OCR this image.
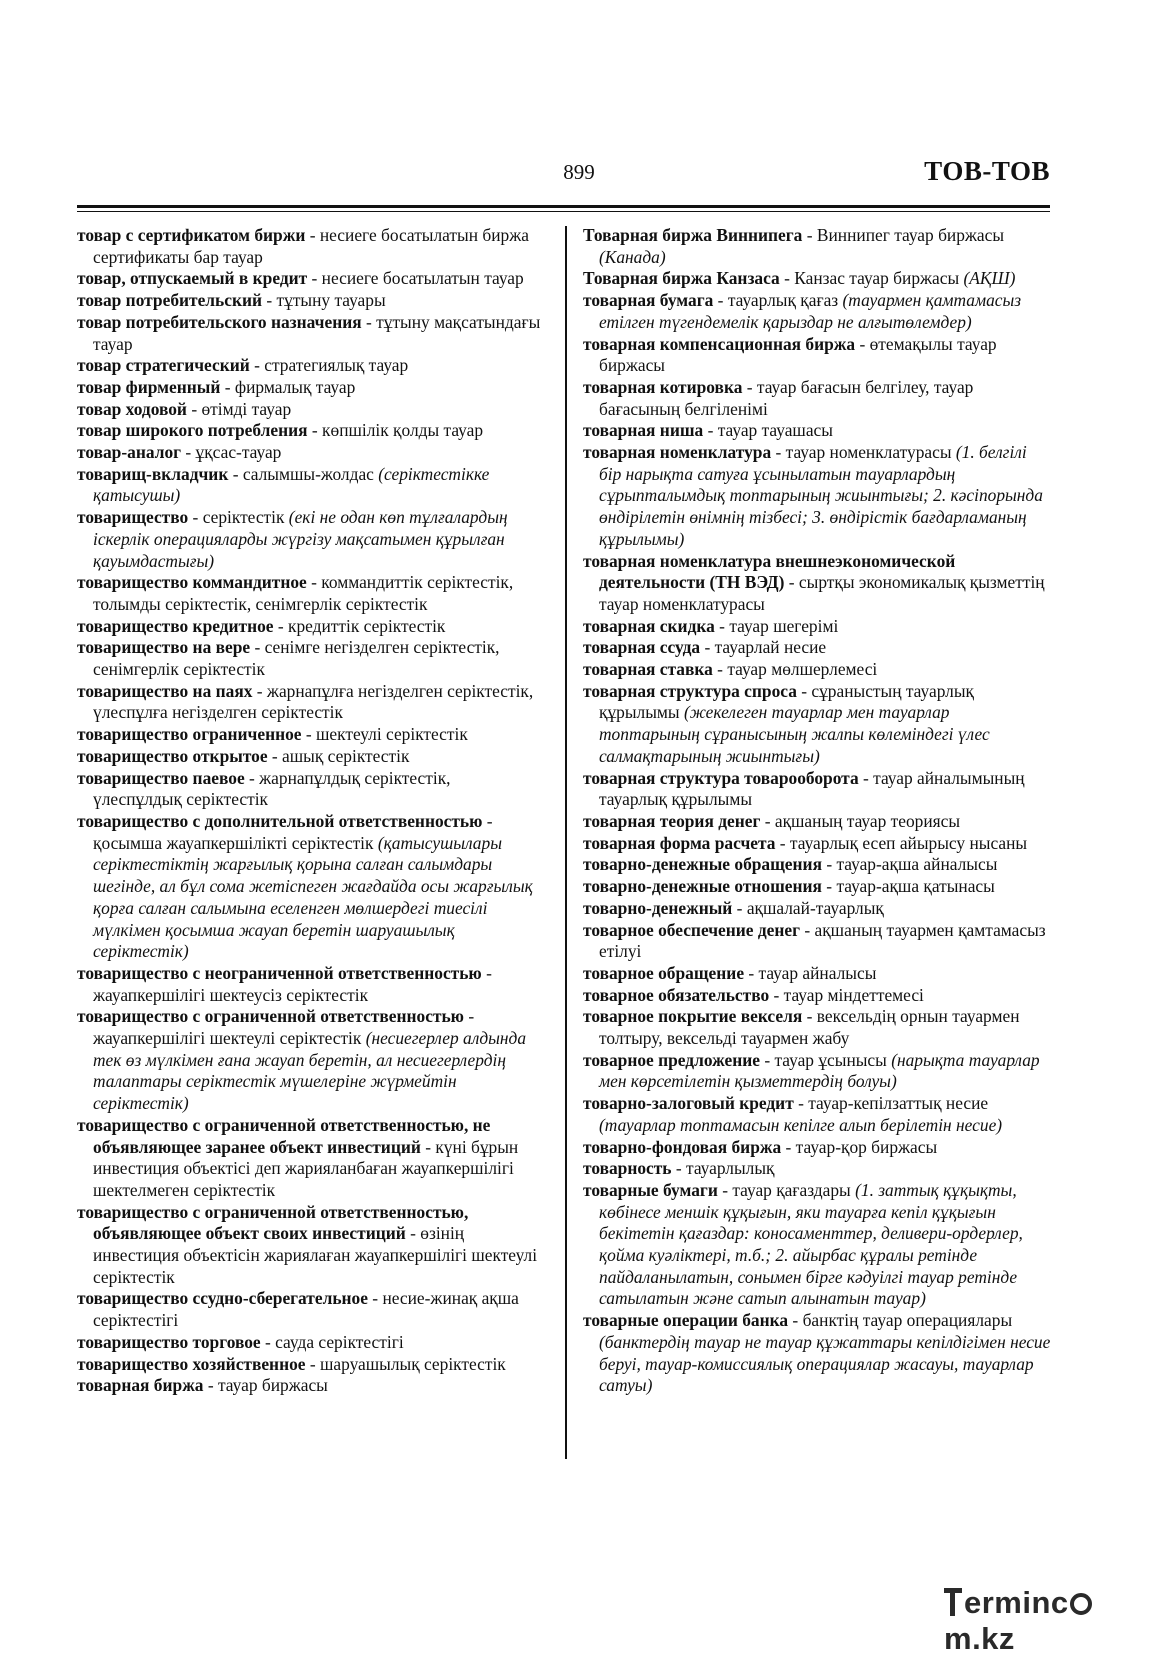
899	ТОВ-ТОВ

товар с сертификатом биржи - несиеге босатылатын биржа сертификаты бар тауар

товар, отпускаемый в кредит - несиеге босатылатын тауар

товар потребительский - тұтыну тауары

товар потребительского назначения - тұтыну мақсатындағы тауар

товар стратегический - стратегиялық тауар

товар фирменный - фирмалық тауар

товар ходовой - өтімді тауар

товар широкого потребления - көпшілік қолды тауар

товар-аналог - ұқсас-тауар

товарищ-вкладчик - салымшы-жолдас (серіктестікке қатысушы)

товарищество - серіктестік (екі не одан көп тұлғалардың іскерлік операцияларды жүргізу мақсатымен құрылған қауымдастығы)

товарищество коммандитное - коммандиттік серіктестік, толымды серіктестік, сенімгерлік серіктестік

товарищество кредитное - кредиттік серіктестік

товарищество на вере - сенімге негізделген серіктестік, сенімгерлік серіктестік

товарищество на паях - жарнапұлға негізделген серіктестік, үлеспұлға негізделген серіктестік

товарищество ограниченное - шектеулі серіктестік

товарищество открытое - ашық серіктестік

товарищество паевое - жарнапұлдық серіктестік, үлеспұлдық серіктестік

товарищество с дополнительной ответственностью - қосымша жауапкершілікті серіктестік (қатысушылары серіктестіктің жарғылық қорына салған салымдары шегінде, ал бұл сома жетіспеген жағдайда осы жарғылық қорға салған салымына еселенген мөлшердегі тиесілі мүлкімен қосымша жауап беретін шаруашылық серіктестік)

товарищество с неограниченной ответственностью - жауапкершілігі шектеусіз серіктестік

товарищество с ограниченной ответственностью - жауапкершілігі шектеулі серіктестік (несиегерлер алдында тек өз мүлкімен ғана жауап беретін, ал несиегерлердің талаптары серіктестік мүшелеріне жүрмейтін серіктестік)

товарищество с ограниченной ответственностью, не объявляющее заранее объект инвестиций - күні бұрын инвестиция объектісі деп жарияланбаған жауапкершілігі шектелмеген серіктестік

товарищество с ограниченной ответственностью, объявляющее объект своих инвестиций - өзінің инвестиция объектісін жариялаған жауапкершілігі шектеулі серіктестік

товарищество ссудно-сберегательное - несие-жинақ ақша серіктестігі

товарищество торговое - сауда серіктестігі

товарищество хозяйственное - шаруашылық серіктестік

товарная биржа - тауар биржасы

Товарная биржа Виннипега - Виннипег тауар биржасы (Канада)

Товарная биржа Канзаса - Канзас тауар биржасы (АҚШ)

товарная бумага - тауарлық қағаз (тауармен қамтамасыз етілген түгендемелік қарыздар не алғытөлемдер)

товарная компенсационная биржа - өтемақылы тауар биржасы

товарная котировка - тауар бағасын белгілеу, тауар бағасының белгіленімі

товарная ниша - тауар тауашасы

товарная номенклатура - тауар номенклатурасы (1. белгілі бір нарықта сатуға ұсынылатын тауарлардың сұрыпталымдық топтарының жиынтығы; 2. кәсіпорында өндірілетін өнімнің тізбесі; 3. өндірістік бағдарламаның құрылымы)

товарная номенклатура внешнеэкономической деятельности (ТН ВЭД) - сыртқы экономикалық қызметтің тауар номенклатурасы

товарная скидка - тауар шегерімі

товарная ссуда - тауарлай несие

товарная ставка - тауар мөлшерлемесі

товарная структура спроса - сұраныстың тауарлық құрылымы (жекелеген тауарлар мен тауарлар топтарының сұранысының жалпы көлеміндегі үлес салмақтарының жиынтығы)

товарная структура товарооборота - тауар айналымының тауарлық құрылымы

товарная теория денег - ақшаның тауар теориясы

товарная форма расчета - тауарлық есеп айырысу нысаны

товарно-денежные обращения - тауар-ақша айналысы

товарно-денежные отношения - тауар-ақша қатынасы

товарно-денежный - ақшалай-тауарлық

товарное обеспечение денег - ақшаның тауармен қамтамасыз етілуі

товарное обращение - тауар айналысы

товарное обязательство - тауар міндеттемесі

товарное покрытие векселя - вексельдің орнын тауармен толтыру, вексельді тауармен жабу

товарное предложение - тауар ұсынысы (нарықта тауарлар мен көрсетілетін қызметтердің болуы)

товарно-залоговый кредит - тауар-кепілзаттық несие (тауарлар топтамасын кепілге алып берілетін несие)

товарно-фондовая биржа - тауар-қор биржасы

товарность - тауарлылық

товарные бумаги - тауар қағаздары (1. заттық құқықты, көбінесе меншік құқығын, яки тауарға кепіл құқығын бекітетін қағаздар: коносаменттер, деливери-ордерлер, қойма куәліктері, т.б.; 2. айырбас құралы ретінде пайдаланылатын, сонымен бірге кәдуілгі тауар ретінде сатылатын және сатып алынатын тауар)

товарные операции банка - банктің тауар операциялары (банктердің тауар не тауар құжаттары кепілдігімен несие беруі, тауар-комиссиялық операциялар жасауы, тауарлар сатуы)

ermincm.kz
